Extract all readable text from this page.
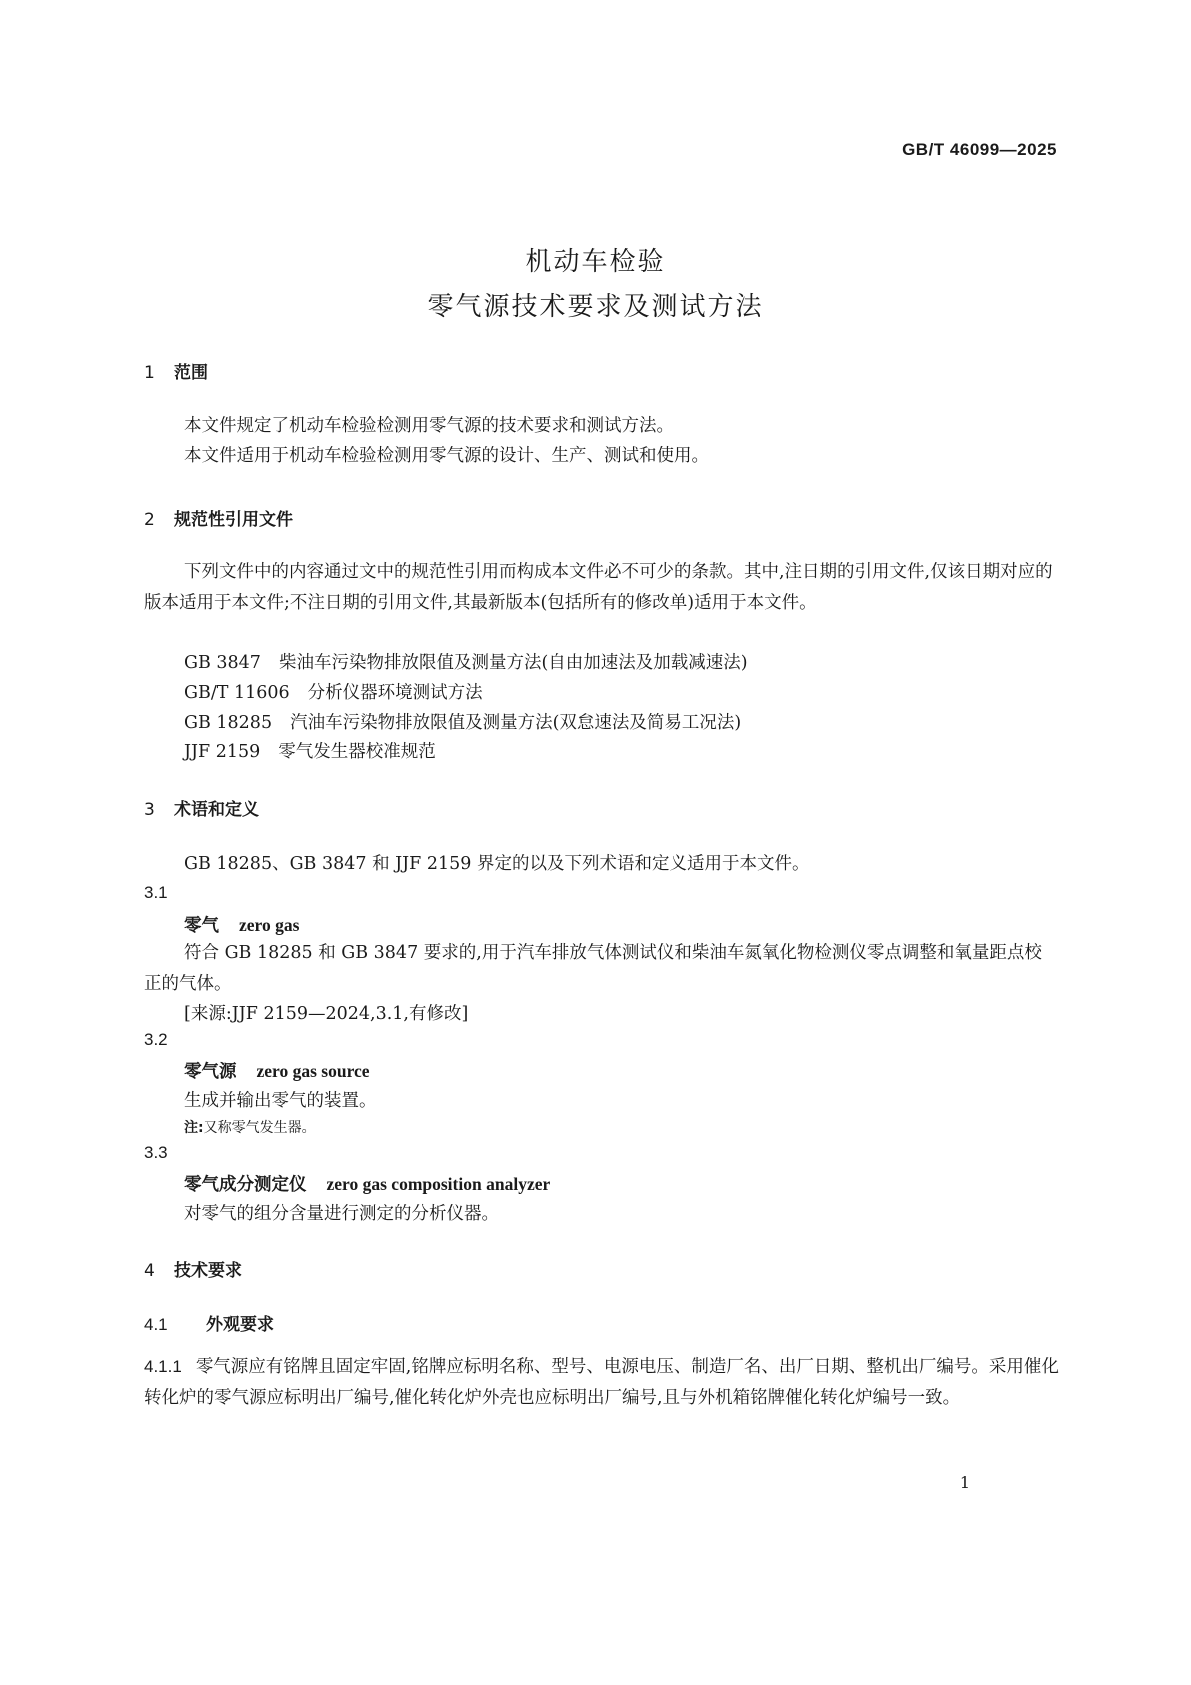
GB/T 46099—2025
机动车检验
零气源技术要求及测试方法
1 范围
本文件规定了机动车检验检测用零气源的技术要求和测试方法。
本文件适用于机动车检验检测用零气源的设计、生产、测试和使用。
2 规范性引用文件
下列文件中的内容通过文中的规范性引用而构成本文件必不可少的条款。其中,注日期的引用文件,仅该日期对应的版本适用于本文件;不注日期的引用文件,其最新版本(包括所有的修改单)适用于本文件。
GB 3847 柴油车污染物排放限值及测量方法(自由加速法及加载减速法)
GB/T 11606 分析仪器环境测试方法
GB 18285 汽油车污染物排放限值及测量方法(双怠速法及简易工况法)
JJF 2159 零气发生器校准规范
3 术语和定义
GB 18285、GB 3847 和 JJF 2159 界定的以及下列术语和定义适用于本文件。
3.1
零气 zero gas
符合 GB 18285 和 GB 3847 要求的,用于汽车排放气体测试仪和柴油车氮氧化物检测仪零点调整和氧量距点校正的气体。
[来源:JJF 2159—2024,3.1,有修改]
3.2
零气源 zero gas source
生成并输出零气的装置。
注:又称零气发生器。
3.3
零气成分测定仪 zero gas composition analyzer
对零气的组分含量进行测定的分析仪器。
4 技术要求
4.1 外观要求
4.1.1 零气源应有铭牌且固定牢固,铭牌应标明名称、型号、电源电压、制造厂名、出厂日期、整机出厂编号。采用催化转化炉的零气源应标明出厂编号,催化转化炉外壳也应标明出厂编号,且与外机箱铭牌催化转化炉编号一致。
1
